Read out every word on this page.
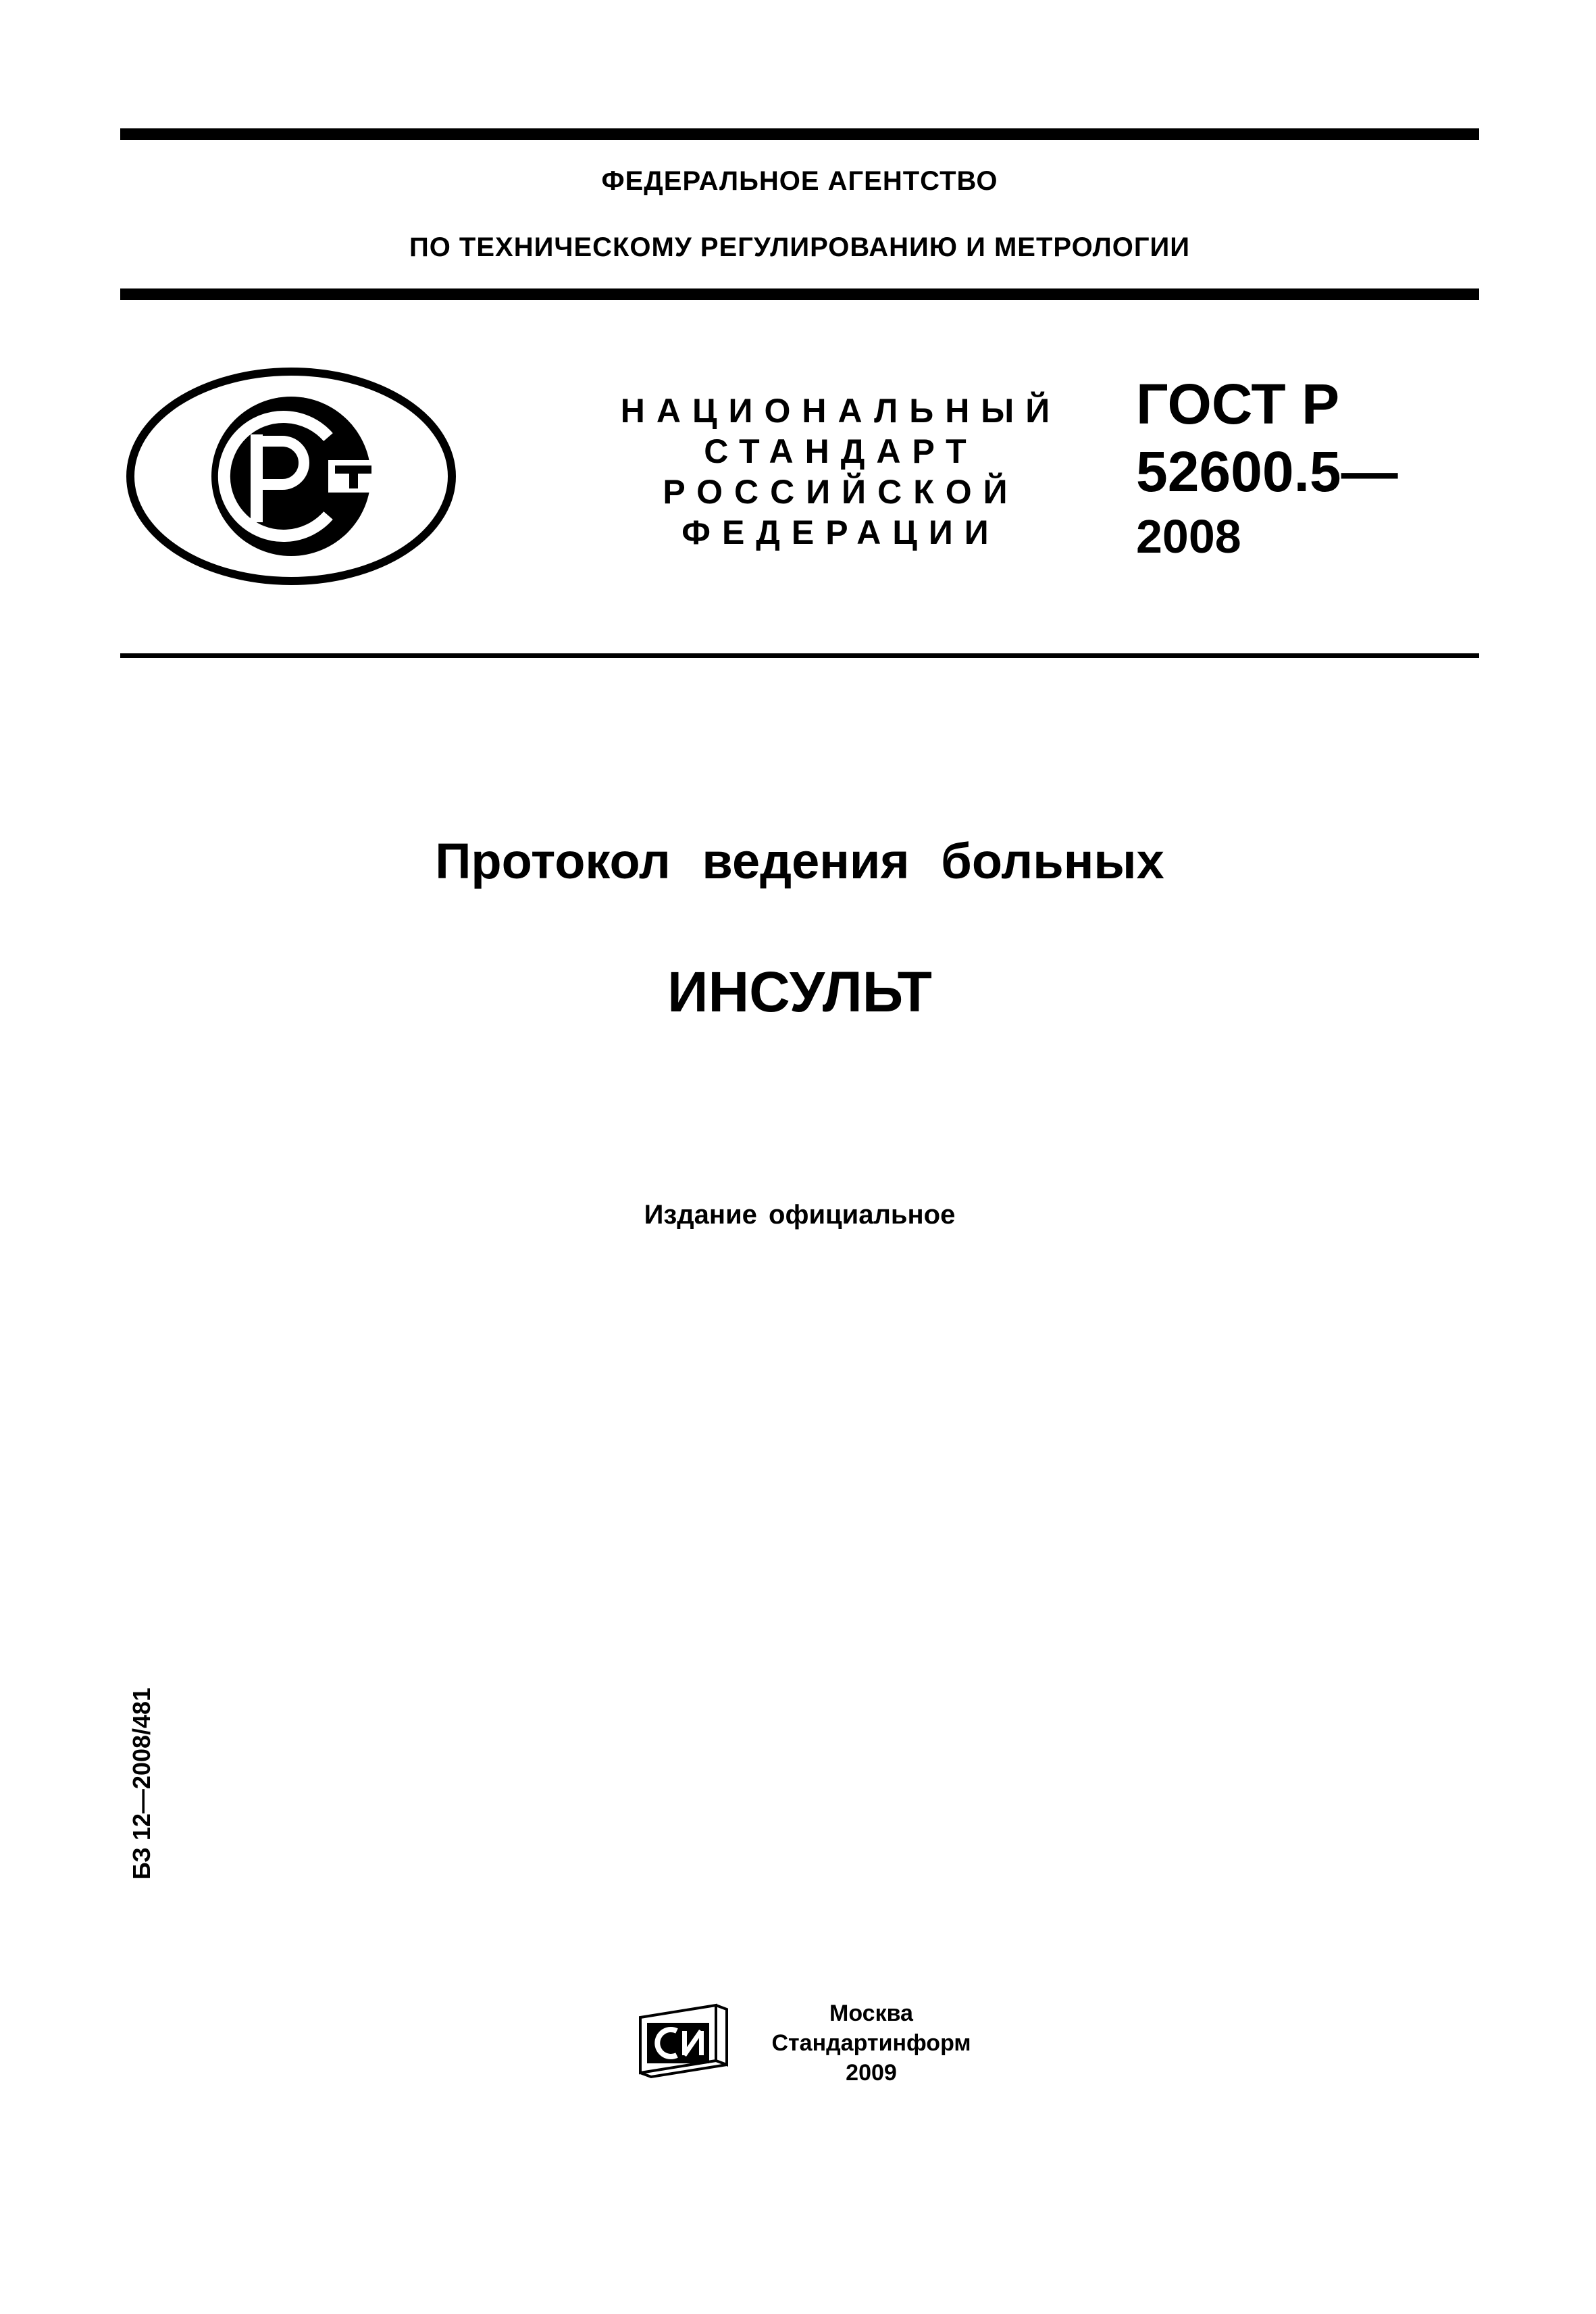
ФЕДЕРАЛЬНОЕ АГЕНТСТВО
ПО ТЕХНИЧЕСКОМУ РЕГУЛИРОВАНИЮ И МЕТРОЛОГИИ
НАЦИОНАЛЬНЫЙ
СТАНДАРТ
РОССИЙСКОЙ
ФЕДЕРАЦИИ
ГОСТ Р
52600.5—
2008
Протокол ведения больных
ИНСУЛЬТ
Издание официальное
БЗ 12—2008/481
Москва
Стандартинформ
2009
